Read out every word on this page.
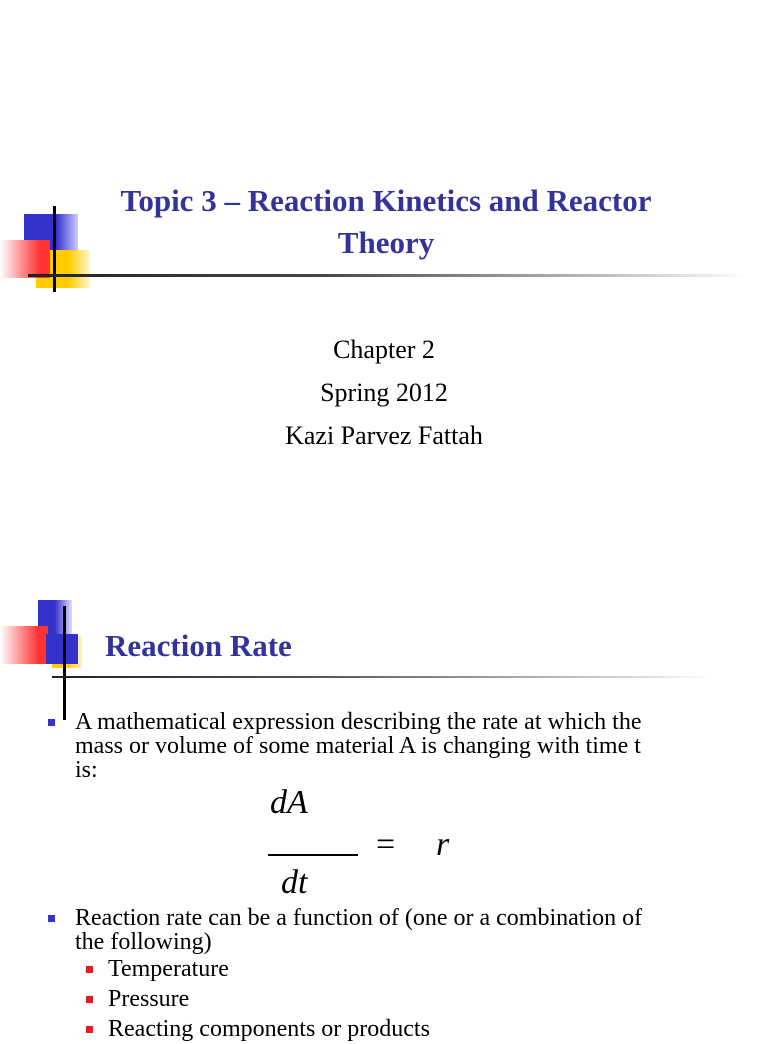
Topic 3 – Reaction Kinetics and Reactor
Theory
Chapter 2
Spring 2012
Kazi Parvez Fattah
Reaction Rate
A mathematical expression describing the rate at which the
mass or volume of some material A is changing with time t
is:
dA
dt
= r
Reaction rate can be a function of (one or a combination of
the following)
Temperature
Pressure
Reacting components or products
